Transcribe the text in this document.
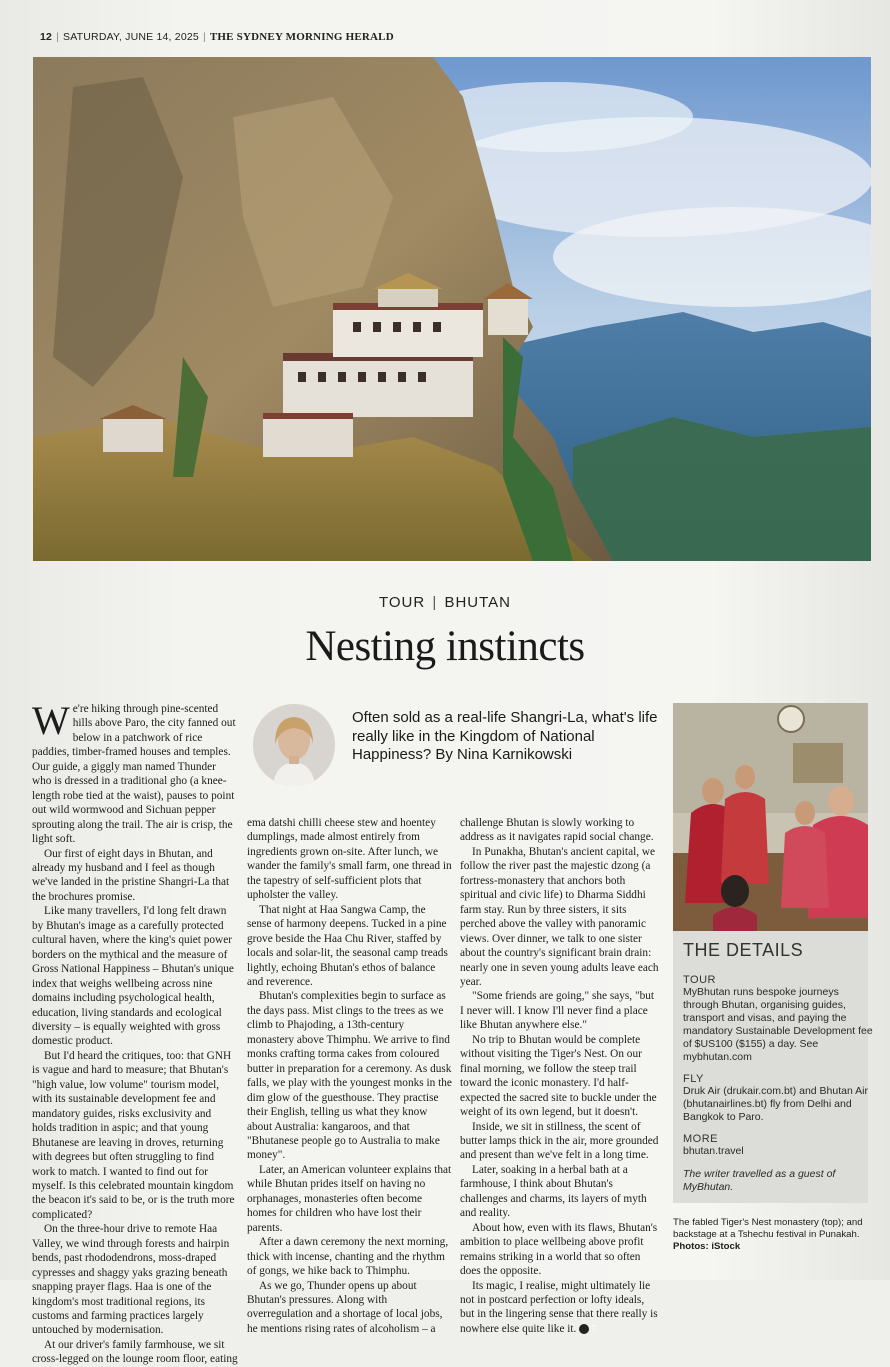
12 | SATURDAY, JUNE 14, 2025 | THE SYDNEY MORNING HERALD
TOUR | BHUTAN
Nesting instincts

We're hiking through pine-scented hills above Paro, the city fanned out below in a patchwork of rice paddies, timber-framed houses and temples. Our guide, a giggly man named Thunder who is dressed in a traditional gho (a knee-length robe tied at the waist), pauses to point out wild wormwood and Sichuan pepper sprouting along the trail. The air is crisp, the light soft.

Our first of eight days in Bhutan, and already my husband and I feel as though we've landed in the pristine Shangri-La that the brochures promise.

Like many travellers, I'd long felt drawn by Bhutan's image as a carefully protected cultural haven, where the king's quiet power borders on the mythical and the measure of Gross National Happiness – Bhutan's unique index that weighs wellbeing across nine domains including psychological health, education, living standards and ecological diversity – is equally weighted with gross domestic product.

But I'd heard the critiques, too: that GNH is vague and hard to measure; that Bhutan's "high value, low volume" tourism model, with its sustainable development fee and mandatory guides, risks exclusivity and holds tradition in aspic; and that young Bhutanese are leaving in droves, returning with degrees but often struggling to find work to match. I wanted to find out for myself. Is this celebrated mountain kingdom the beacon it's said to be, or is the truth more complicated?

On the three-hour drive to remote Haa Valley, we wind through forests and hairpin bends, past rhododendrons, moss-draped cypresses and shaggy yaks grazing beneath snapping prayer flags. Haa is one of the kingdom's most traditional regions, its customs and farming practices largely untouched by modernisation.

At our driver's family farmhouse, we sit cross-legged on the lounge room floor, eating

Often sold as a real-life Shangri-La, what's life really like in the Kingdom of National Happiness? By Nina Karnikowski

ema datshi chilli cheese stew and hoentey dumplings, made almost entirely from ingredients grown on-site. After lunch, we wander the family's small farm, one thread in the tapestry of self-sufficient plots that upholster the valley.

That night at Haa Sangwa Camp, the sense of harmony deepens. Tucked in a pine grove beside the Haa Chu River, staffed by locals and solar-lit, the seasonal camp treads lightly, echoing Bhutan's ethos of balance and reverence.

Bhutan's complexities begin to surface as the days pass. Mist clings to the trees as we climb to Phajoding, a 13th-century monastery above Thimphu. We arrive to find monks crafting torma cakes from coloured butter in preparation for a ceremony. As dusk falls, we play with the youngest monks in the dim glow of the guesthouse. They practise their English, telling us what they know about Australia: kangaroos, and that "Bhutanese people go to Australia to make money".

Later, an American volunteer explains that while Bhutan prides itself on having no orphanages, monasteries often become homes for children who have lost their parents.

After a dawn ceremony the next morning, thick with incense, chanting and the rhythm of gongs, we hike back to Thimphu.

As we go, Thunder opens up about Bhutan's pressures. Along with overregulation and a shortage of local jobs, he mentions rising rates of alcoholism – a

challenge Bhutan is slowly working to address as it navigates rapid social change.

In Punakha, Bhutan's ancient capital, we follow the river past the majestic dzong (a fortress-monastery that anchors both spiritual and civic life) to Dharma Siddhi farm stay. Run by three sisters, it sits perched above the valley with panoramic views. Over dinner, we talk to one sister about the country's significant brain drain: nearly one in seven young adults leave each year.

"Some friends are going," she says, "but I never will. I know I'll never find a place like Bhutan anywhere else."

No trip to Bhutan would be complete without visiting the Tiger's Nest. On our final morning, we follow the steep trail toward the iconic monastery. I'd half-expected the sacred site to buckle under the weight of its own legend, but it doesn't.

Inside, we sit in stillness, the scent of butter lamps thick in the air, more grounded and present than we've felt in a long time.

Later, soaking in a herbal bath at a farmhouse, I think about Bhutan's challenges and charms, its layers of myth and reality.

About how, even with its flaws, Bhutan's ambition to place wellbeing above profit remains striking in a world that so often does the opposite.

Its magic, I realise, might ultimately lie not in postcard perfection or lofty ideals, but in the lingering sense that there really is nowhere else quite like it. T

THE DETAILS
TOUR
MyBhutan runs bespoke journeys through Bhutan, organising guides, transport and visas, and paying the mandatory Sustainable Development fee of $US100 ($155) a day. See mybhutan.com
FLY
Druk Air (drukair.com.bt) and Bhutan Air (bhutanairlines.bt) fly from Delhi and Bangkok to Paro.
MORE
bhutan.travel
The writer travelled as a guest of MyBhutan.
The fabled Tiger's Nest monastery (top); and backstage at a Tshechu festival in Punakah. Photos: iStock
